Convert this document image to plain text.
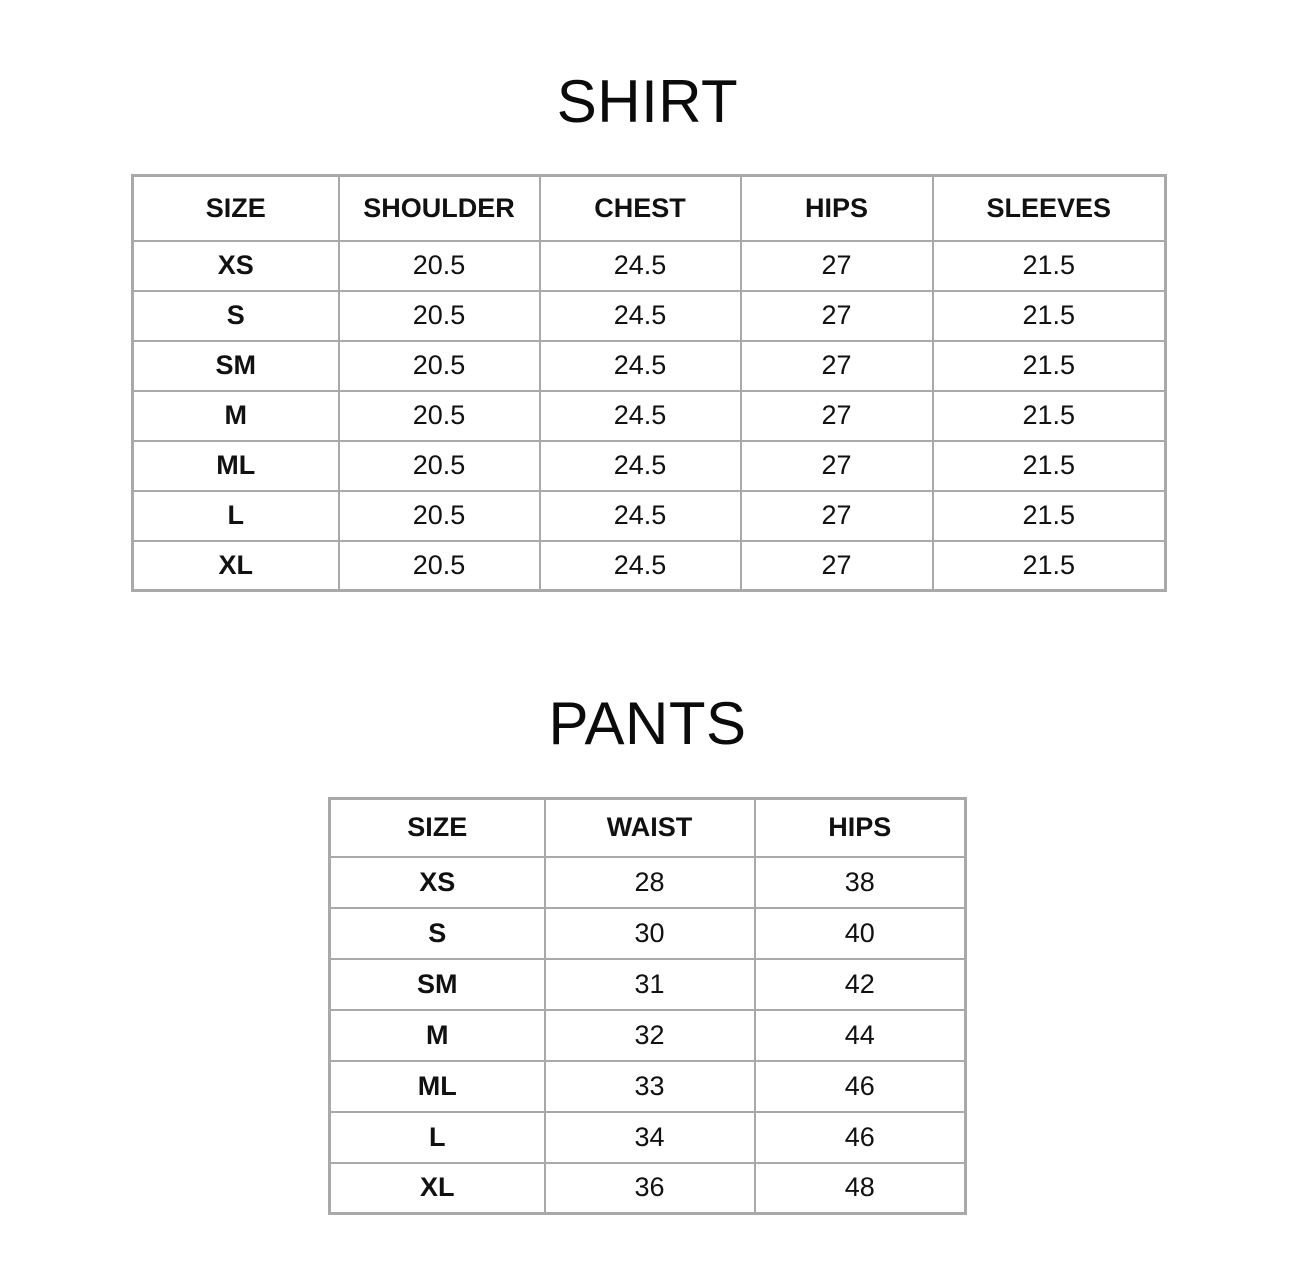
SHIRT
SIZE	SHOULDER	CHEST	HIPS	SLEEVES
XS	20.5	24.5	27	21.5
S	20.5	24.5	27	21.5
SM	20.5	24.5	27	21.5
M	20.5	24.5	27	21.5
ML	20.5	24.5	27	21.5
L	20.5	24.5	27	21.5
XL	20.5	24.5	27	21.5
PANTS
SIZE	WAIST	HIPS
XS	28	38
S	30	40
SM	31	42
M	32	44
ML	33	46
L	34	46
XL	36	48
